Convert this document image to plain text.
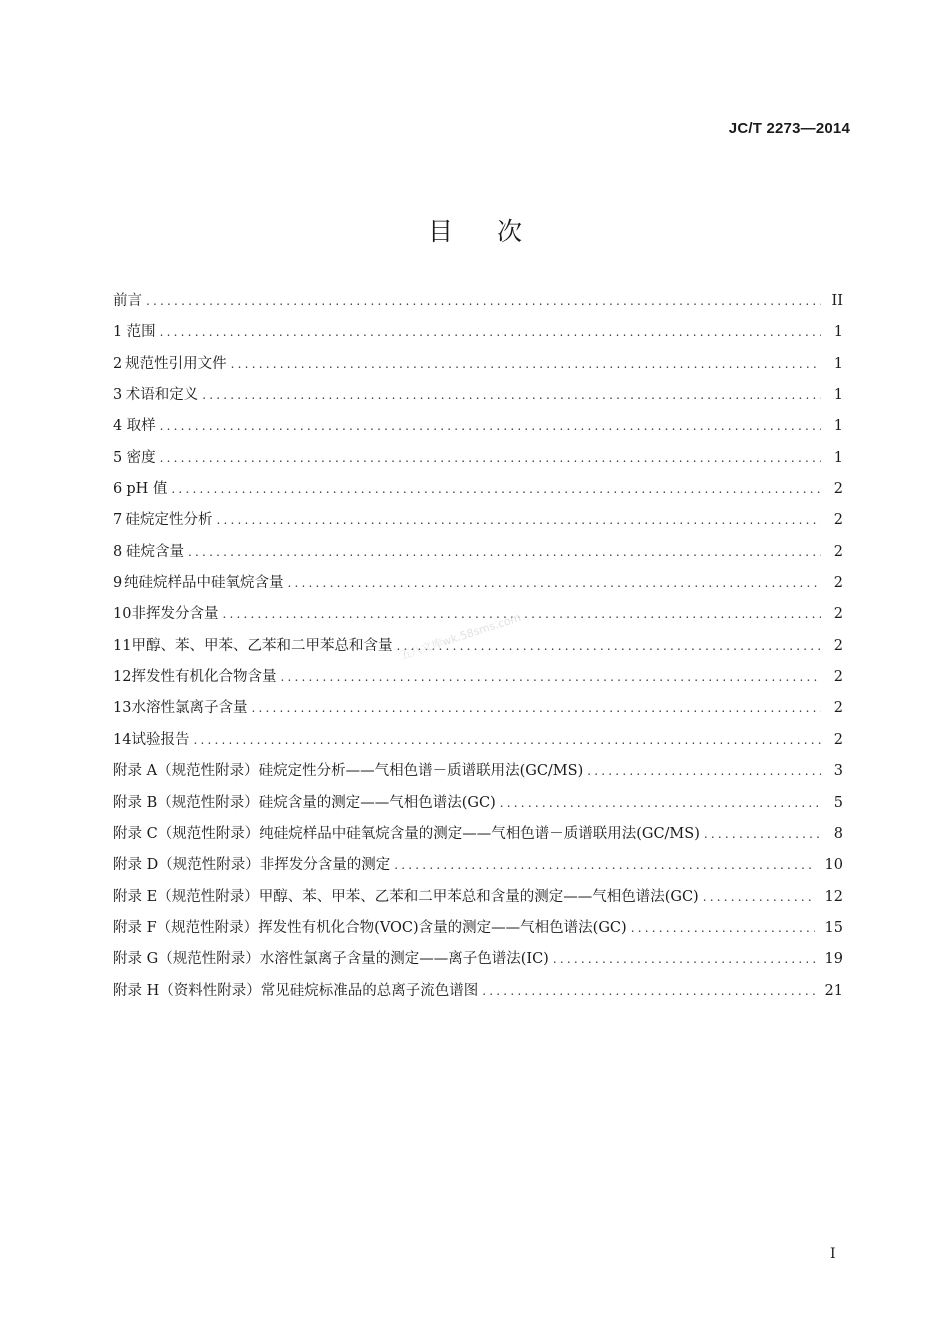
JC/T 2273—2014
目 次
前言 .....	II
1 范围 .....	1
2 规范性引用文件 .....	1
3 术语和定义 .....	1
4 取样 .....	1
5 密度 .....	1
6 pH 值 .....	2
7 硅烷定性分析 .....	2
8 硅烷含量 .....	2
9 纯硅烷样品中硅氧烷含量 .....	2
10 非挥发分含量 .....	2
11 甲醇、苯、甲苯、乙苯和二甲苯总和含量 .....	2
12 挥发性有机化合物含量 .....	2
13 水溶性氯离子含量 .....	2
14 试验报告 .....	2
附录 A （规范性附录） 硅烷定性分析——气相色谱－质谱联用法(GC/MS) .....	3
附录 B （规范性附录） 硅烷含量的测定——气相色谱法(GC) .....	5
附录 C （规范性附录） 纯硅烷样品中硅氧烷含量的测定——气相色谱－质谱联用法(GC/MS) .....	8
附录 D （规范性附录） 非挥发分含量的测定 .....	10
附录 E （规范性附录） 甲醇、苯、甲苯、乙苯和二甲苯总和含量的测定——气相色谱法(GC) .....	12
附录 F （规范性附录） 挥发性有机化合物(VOC)含量的测定——气相色谱法(GC) .....	15
附录 G （规范性附录） 水溶性氯离子含量的测定——离子色谱法(IC) .....	19
附录 H （资料性附录） 常见硅烷标准品的总离子流色谱图 .....	21
五八文库wk.58sms.com
I
